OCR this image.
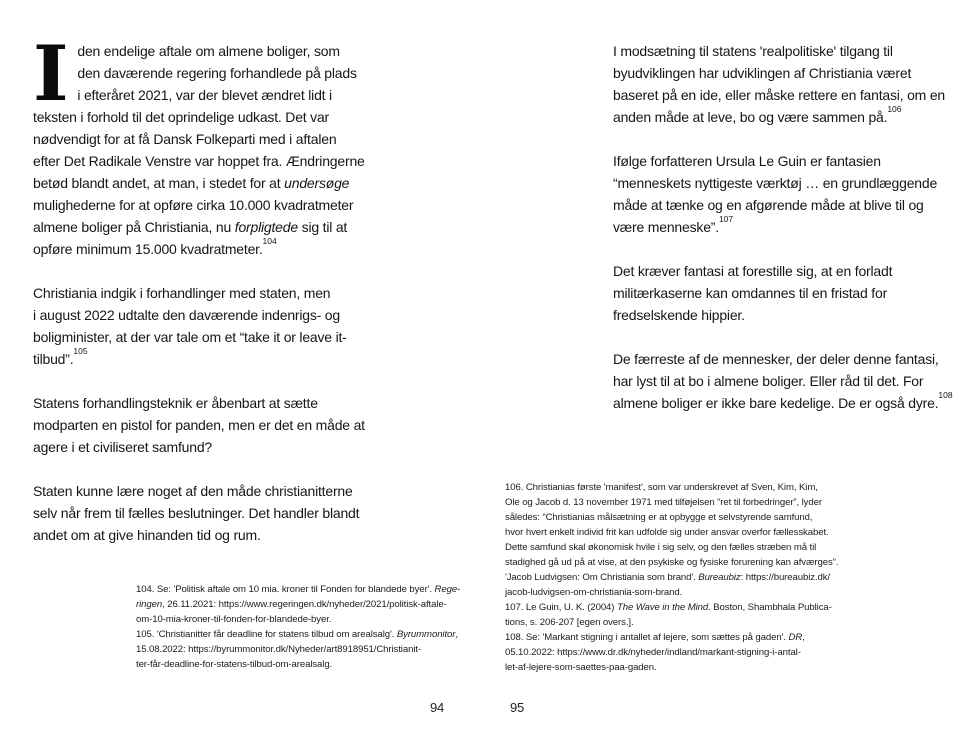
Iden endelige aftale om almene boliger, som
den daværende regering forhandlede på plads
i efteråret 2021, var der blevet ændret lidt i
teksten i forhold til det oprindelige udkast. Det var
nødvendigt for at få Dansk Folkeparti med i aftalen
efter Det Radikale Venstre var hoppet fra. Ændringerne
betød blandt andet, at man, i stedet for at undersøge
mulighederne for at opføre cirka 10.000 kvadratmeter
almene boliger på Christiania, nu forpligtede sig til at
opføre minimum 15.000 kvadratmeter.$^{104}$

Christiania indgik i forhandlinger med staten, men
i august 2022 udtalte den daværende indenrigs- og
boligminister, at der var tale om et “take it or leave it-
tilbud”.$^{105}$

Statens forhandlingsteknik er åbenbart at sætte
modparten en pistol for panden, men er det en måde at
agere i et civiliseret samfund?

Staten kunne lære noget af den måde christianitterne
selv når frem til fælles beslutninger. Det handler blandt
andet om at give hinanden tid og rum.

104. Se: 'Politisk aftale om 10 mia. kroner til Fonden for blandede byer'. Rege-
ringen, 26.11.2021: https://www.regeringen.dk/nyheder/2021/politisk-aftale-
om-10-mia-kroner-til-fonden-for-blandede-byer.

105. 'Christianitter får deadline for statens tilbud om arealsalg'. Byrummonitor,
15.08.2022: https://byrummonitor.dk/Nyheder/art8918951/Christianit-
ter-får-deadline-for-statens-tilbud-om-arealsalg.

94

I modsætning til statens 'realpolitiske' tilgang til
byudviklingen har udviklingen af Christiania været
baseret på en ide, eller måske rettere en fantasi, om en
anden måde at leve, bo og være sammen på.$^{106}$

Ifølge forfatteren Ursula Le Guin er fantasien
“menneskets nyttigeste værktøj … en grundlæggende
måde at tænke og en afgørende måde at blive til og
være menneske”.$^{107}$

Det kræver fantasi at forestille sig, at en forladt
militærkaserne kan omdannes til en fristad for
fredselskende hippier.

De færreste af de mennesker, der deler denne fantasi,
har lyst til at bo i almene boliger. Eller råd til det. For
almene boliger er ikke bare kedelige. De er også dyre.$^{108}$

106. Christianias første 'manifest', som var underskrevet af Sven, Kim, Kim,
Ole og Jacob d. 13 november 1971 med tilføjelsen “ret til forbedringer”, lyder
således: “Christianias målsætning er at opbygge et selvstyrende samfund,
hvor hvert enkelt individ frit kan udfolde sig under ansvar overfor fællesskabet.
Dette samfund skal økonomisk hvile i sig selv, og den fælles stræben må til
stadighed gå ud på at vise, at den psykiske og fysiske forurening kan afværges”.
'Jacob Ludvigsen: Om Christiania som brand'. Bureaubiz: https://bureaubiz.dk/
jacob-ludvigsen-om-christiania-som-brand.

107. Le Guin, U. K. (2004) The Wave in the Mind. Boston, Shambhala Publica-
tions, s. 206-207 [egen overs.].

108. Se: 'Markant stigning i antallet af lejere, som sættes på gaden'. DR,
05.10.2022: https://www.dr.dk/nyheder/indland/markant-stigning-i-antal-
let-af-lejere-som-saettes-paa-gaden.

95
